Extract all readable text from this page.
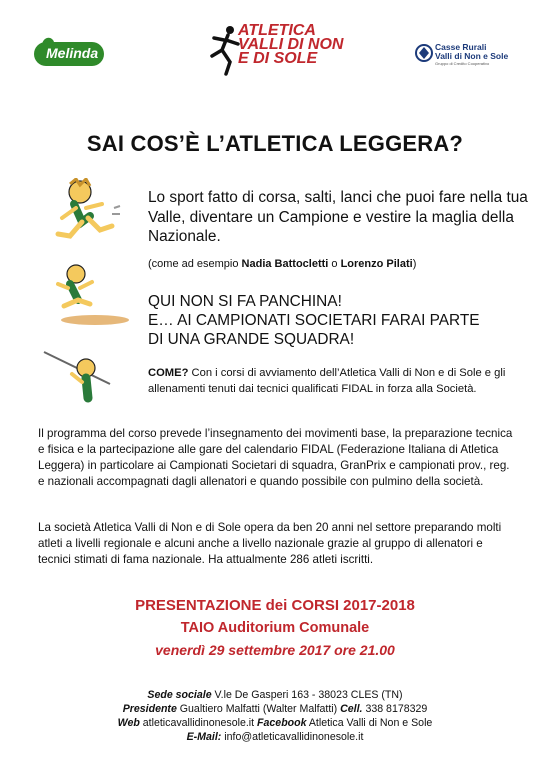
Melinda
ATLETICA
VALLI DI NON
E DI SOLE
Casse Rurali
Valli di Non e Sole
Gruppo di Credito Cooperativo
SAI COS’È L’ATLETICA LEGGERA?
Lo sport fatto di corsa, salti, lanci che puoi fare nella tua Valle, diventare un Campione e vestire la maglia della Nazionale.
(come ad esempio Nadia Battocletti o Lorenzo Pilati)
QUI NON SI FA PANCHINA!
E… AI CAMPIONATI SOCIETARI FARAI PARTE
DI UNA GRANDE SQUADRA!
COME? Con i corsi di avviamento dell’Atletica Valli di Non e di Sole e gli allenamenti tenuti dai tecnici qualificati FIDAL in forza alla Società.
Il programma del corso prevede l’insegnamento dei movimenti base, la preparazione tecnica e fisica e la partecipazione alle gare del calendario FIDAL (Federazione Italiana di Atletica Leggera) in particolare ai Campionati Societari di squadra, GranPrix e campionati prov., reg. e nazionali accompagnati dagli allenatori e quando possibile con pulmino della società.
La società Atletica Valli di Non e di Sole opera da ben 20 anni nel settore preparando molti atleti a livelli regionale e alcuni anche a livello nazionale grazie al gruppo di allenatori e tecnici stimati di fama nazionale. Ha attualmente 286 atleti iscritti.
PRESENTAZIONE dei CORSI 2017-2018
TAIO Auditorium Comunale
venerdì 29 settembre 2017 ore 21.00
Sede sociale V.le De Gasperi 163 - 38023 CLES (TN)
Presidente Gualtiero Malfatti (Walter Malfatti) Cell. 338 8178329
Web atleticavallidinonesole.it Facebook Atletica Valli di Non e Sole
E-Mail: info@atleticavallidinonesole.it
